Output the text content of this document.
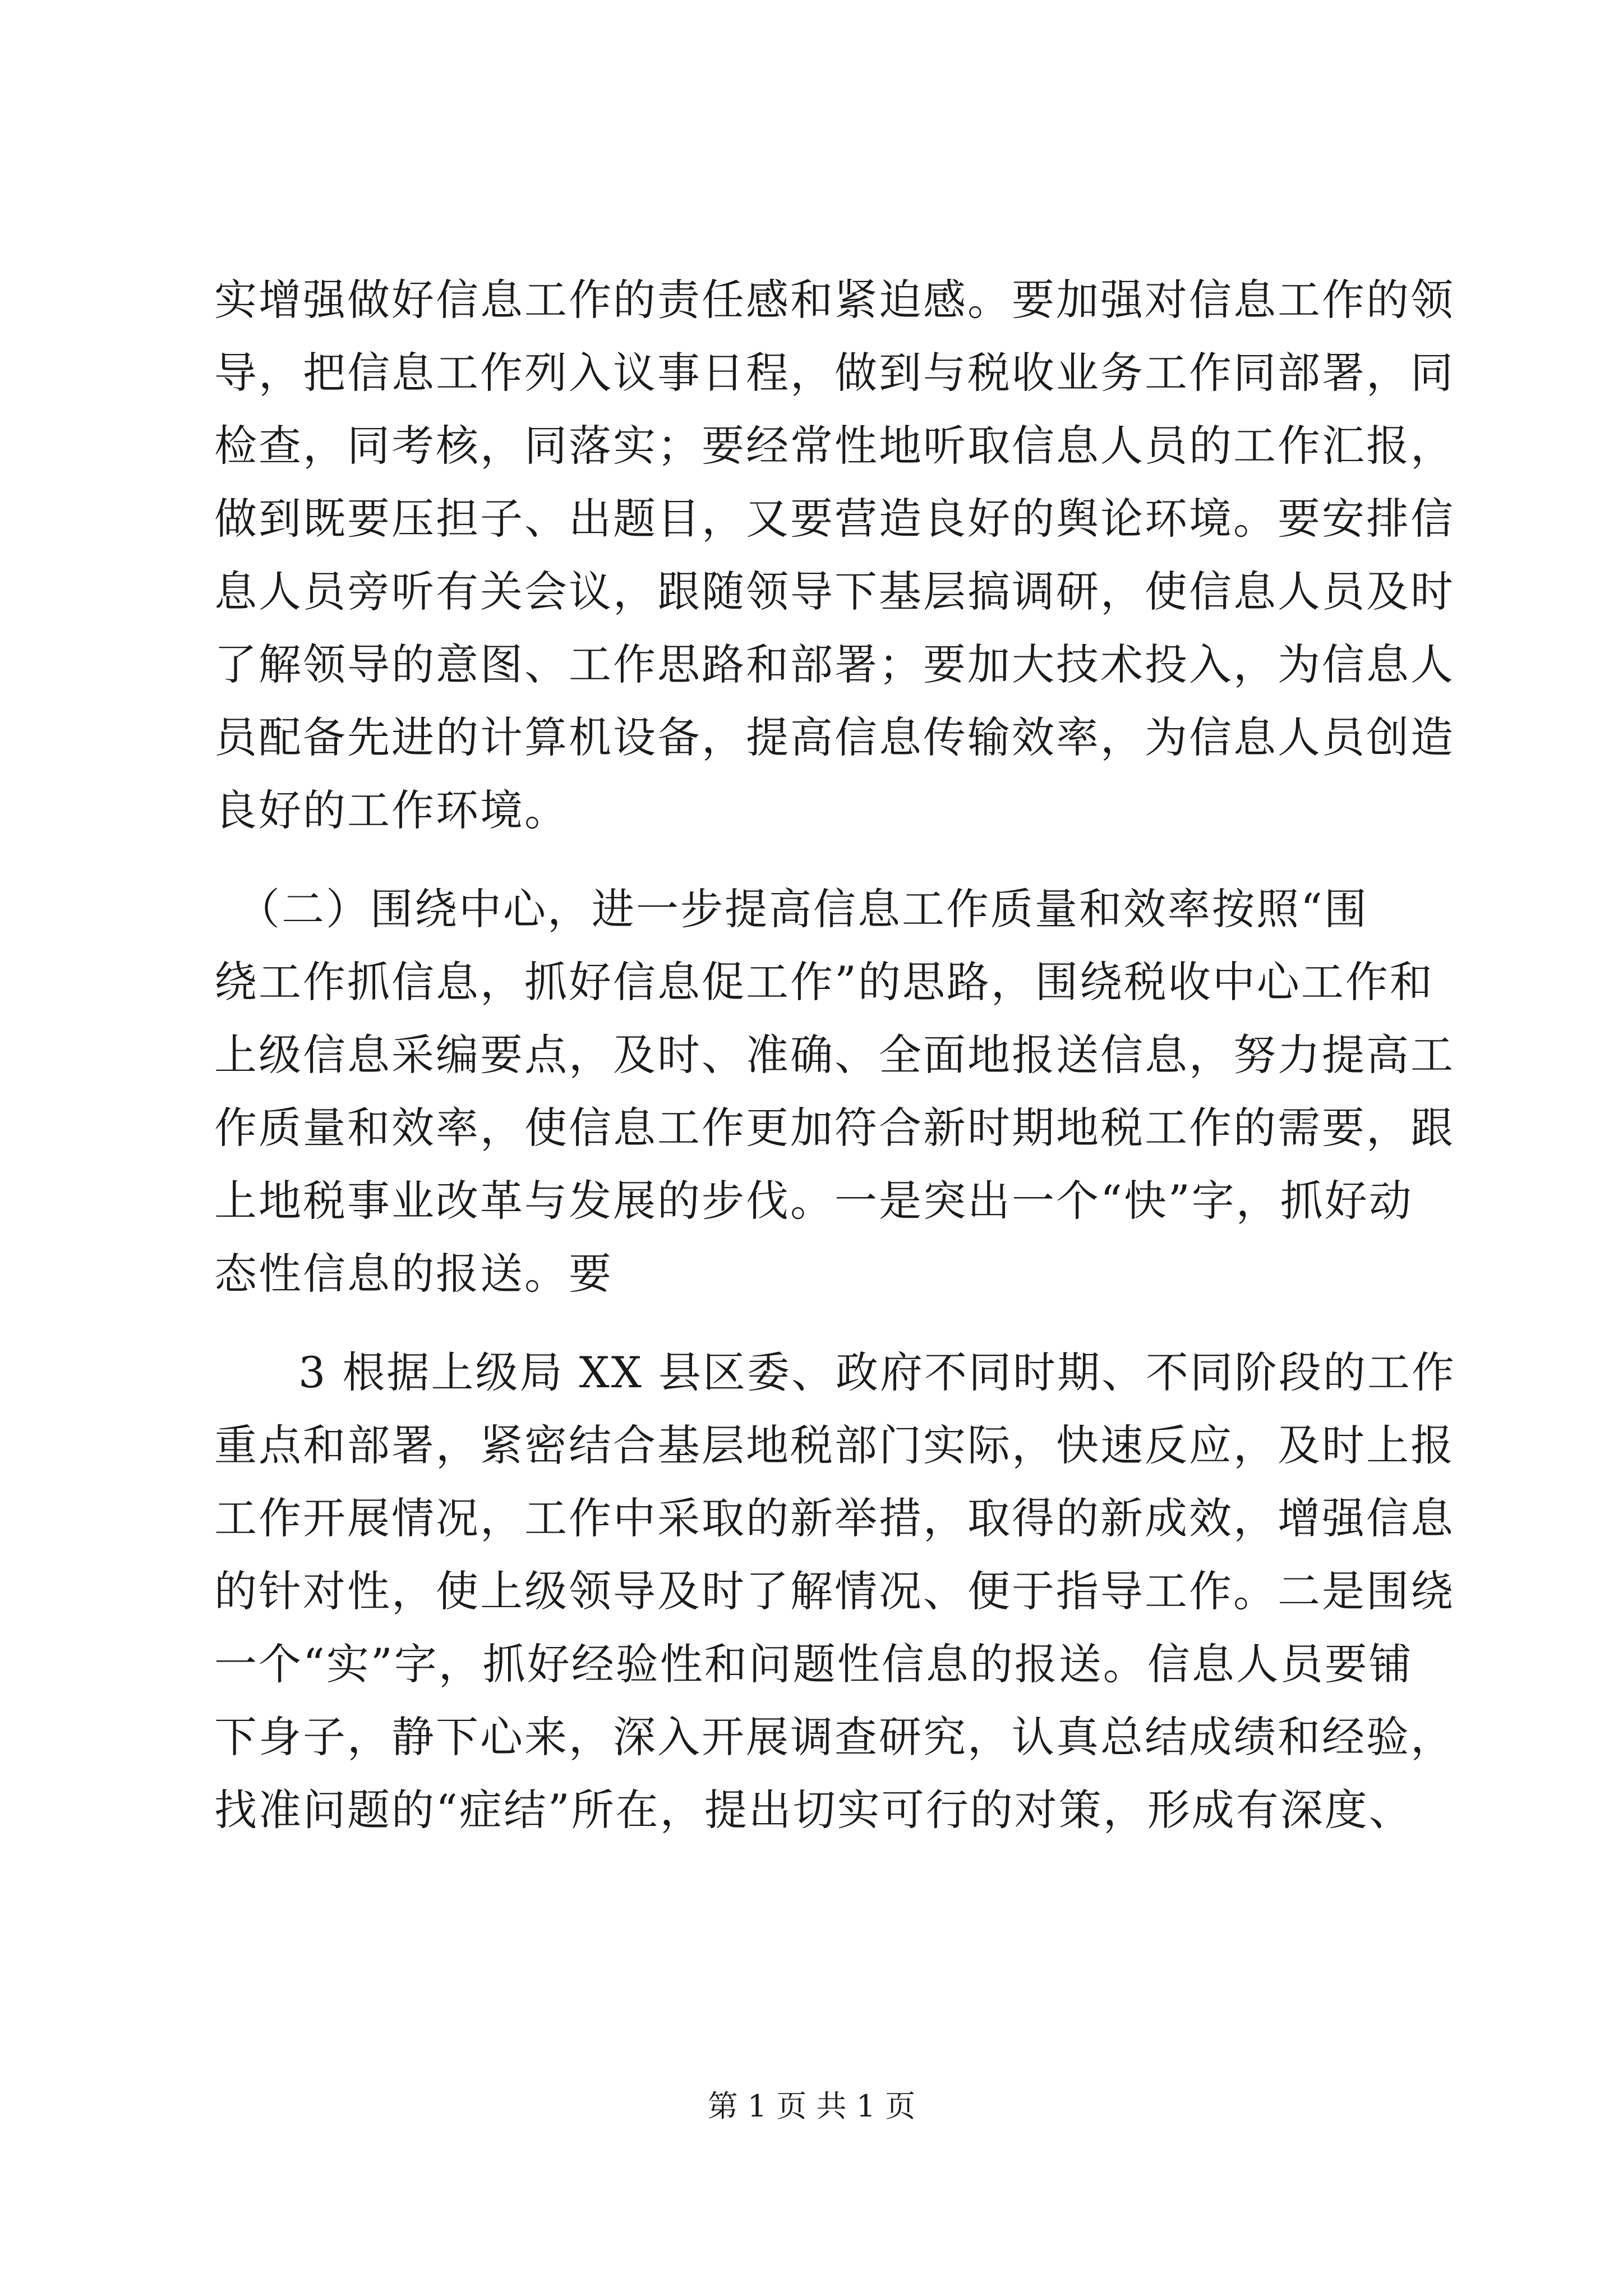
实增强做好信息工作的责任感和紧迫感。要加强对信息工作的领
导，把信息工作列入议事日程，做到与税收业务工作同部署，同
检查，同考核，同落实；要经常性地听取信息人员的工作汇报，
做到既要压担子、出题目，又要营造良好的舆论环境。要安排信
息人员旁听有关会议，跟随领导下基层搞调研，使信息人员及时
了解领导的意图、工作思路和部署；要加大技术投入，为信息人
员配备先进的计算机设备，提高信息传输效率，为信息人员创造
良好的工作环境。
　（二）围绕中心，进一步提高信息工作质量和效率按照“围
绕工作抓信息，抓好信息促工作”的思路，围绕税收中心工作和
上级信息采编要点，及时、准确、全面地报送信息，努力提高工
作质量和效率，使信息工作更加符合新时期地税工作的需要，跟
上地税事业改革与发展的步伐。一是突出一个“快”字，抓好动
态性信息的报送。要
3 根据上级局 XX 县区委、政府不同时期、不同阶段的工作
重点和部署，紧密结合基层地税部门实际，快速反应，及时上报
工作开展情况，工作中采取的新举措，取得的新成效，增强信息
的针对性，使上级领导及时了解情况、便于指导工作。二是围绕
一个“实”字，抓好经验性和问题性信息的报送。信息人员要铺
下身子，静下心来，深入开展调查研究，认真总结成绩和经验，
找准问题的“症结”所在，提出切实可行的对策，形成有深度、
第 1 页 共 1 页
